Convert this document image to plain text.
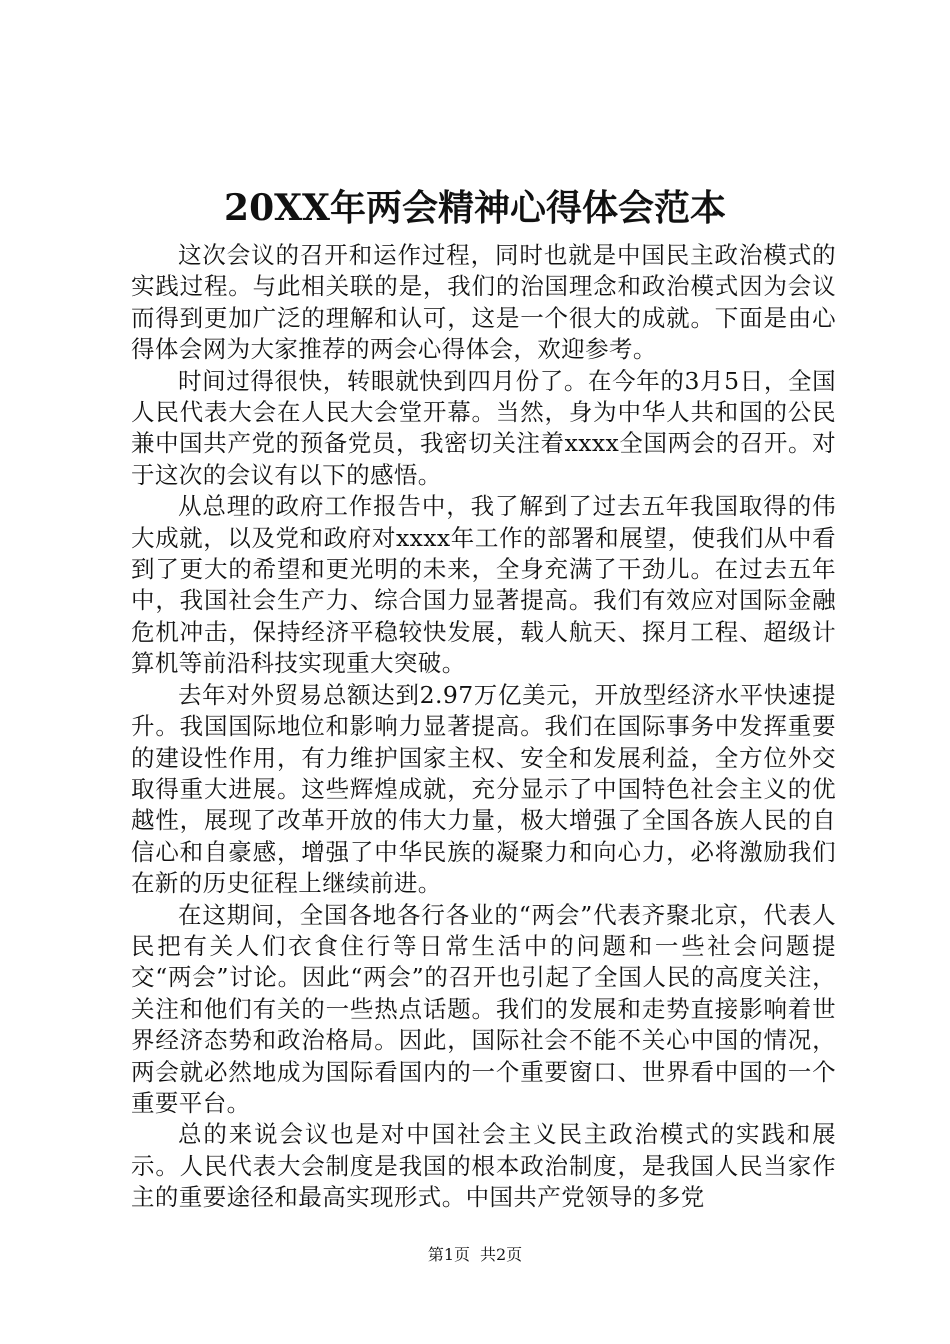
20XX年两会精神心得体会范本

这次会议的召开和运作过程，同时也就是中国民主政治模式的实践过程。与此相关联的是，我们的治国理念和政治模式因为会议而得到更加广泛的理解和认可，这是一个很大的成就。下面是由心得体会网为大家推荐的两会心得体会，欢迎参考。

时间过得很快，转眼就快到四月份了。在今年的3月5日，全国人民代表大会在人民大会堂开幕。当然，身为中华人共和国的公民兼中国共产党的预备党员，我密切关注着xxxx全国两会的召开。对于这次的会议有以下的感悟。

从总理的政府工作报告中，我了解到了过去五年我国取得的伟大成就，以及党和政府对xxxx年工作的部署和展望，使我们从中看到了更大的希望和更光明的未来，全身充满了干劲儿。在过去五年中，我国社会生产力、综合国力显著提高。我们有效应对国际金融危机冲击，保持经济平稳较快发展，载人航天、探月工程、超级计算机等前沿科技实现重大突破。

去年对外贸易总额达到2.97万亿美元，开放型经济水平快速提升。我国国际地位和影响力显著提高。我们在国际事务中发挥重要的建设性作用，有力维护国家主权、安全和发展利益，全方位外交取得重大进展。这些辉煌成就，充分显示了中国特色社会主义的优越性，展现了改革开放的伟大力量，极大增强了全国各族人民的自信心和自豪感，增强了中华民族的凝聚力和向心力，必将激励我们在新的历史征程上继续前进。

在这期间，全国各地各行各业的“两会”代表齐聚北京，代表人民把有关人们衣食住行等日常生活中的问题和一些社会问题提交“两会”讨论。因此“两会”的召开也引起了全国人民的高度关注，关注和他们有关的一些热点话题。我们的发展和走势直接影响着世界经济态势和政治格局。因此，国际社会不能不关心中国的情况，两会就必然地成为国际看国内的一个重要窗口、世界看中国的一个重要平台。

总的来说会议也是对中国社会主义民主政治模式的实践和展示。人民代表大会制度是我国的根本政治制度，是我国人民当家作主的重要途径和最高实现形式。中国共产党领导的多党

第1页 共2页
